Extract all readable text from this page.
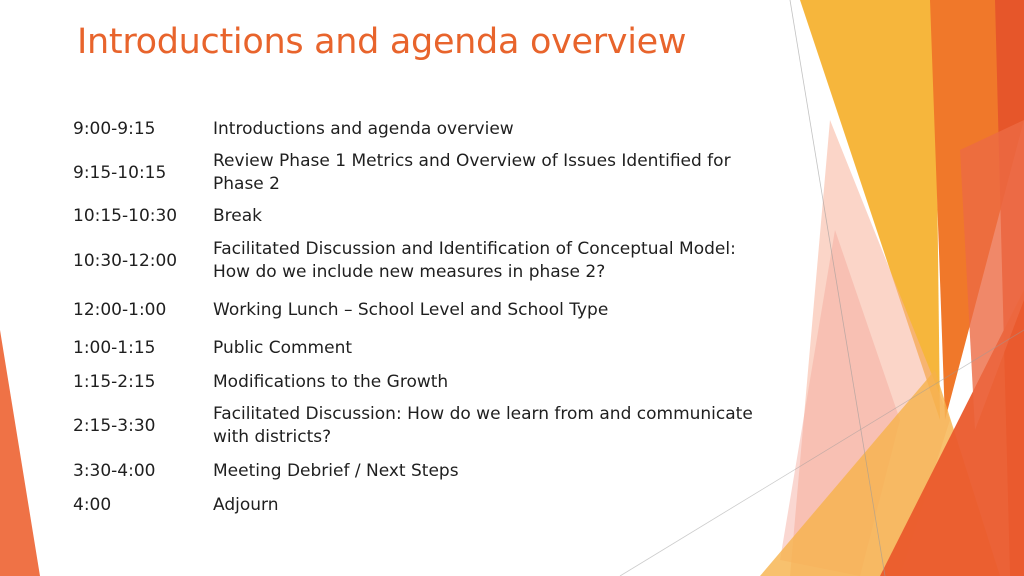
Introductions and agenda overview
9:00-9:15	Introductions and agenda overview
9:15-10:15	Review Phase 1 Metrics and Overview of Issues Identified for Phase 2
10:15-10:30	Break
10:30-12:00	Facilitated Discussion and Identification of Conceptual Model: How do we include new measures in phase 2?
12:00-1:00	Working Lunch – School Level and School Type
1:00-1:15	Public Comment
1:15-2:15	Modifications to the Growth
2:15-3:30	Facilitated Discussion: How do we learn from and communicate with districts?
3:30-4:00	Meeting Debrief / Next Steps
4:00	Adjourn
